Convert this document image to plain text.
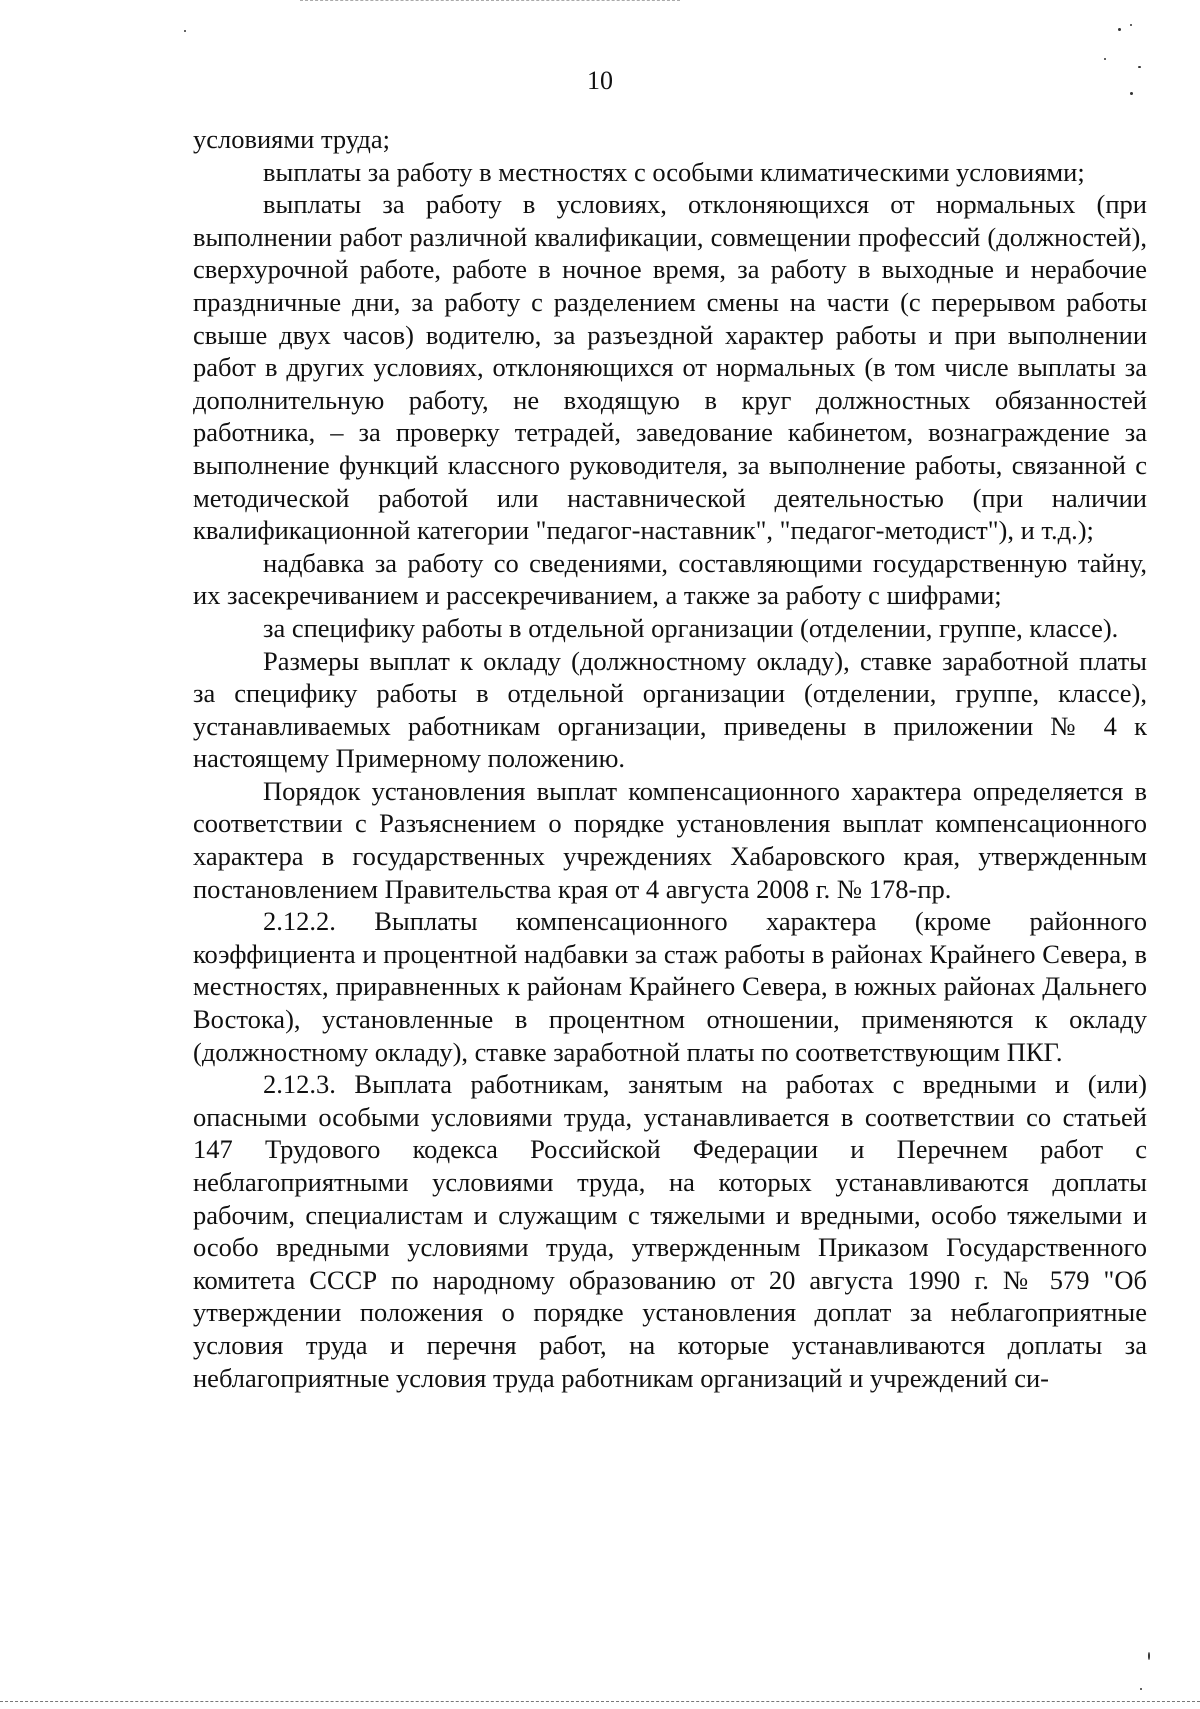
10

условиями труда;

выплаты за работу в местностях с особыми климатическими условиями;

выплаты за работу в условиях, отклоняющихся от нормальных (при выполнении работ различной квалификации, совмещении профессий (должностей), сверхурочной работе, работе в ночное время, за работу в выходные и нерабочие праздничные дни, за работу с разделением смены на части (с перерывом работы свыше двух часов) водителю, за разъездной характер работы и при выполнении работ в других условиях, отклоняющихся от нормальных (в том числе выплаты за дополнительную работу, не входящую в круг должностных обязанностей работника, – за проверку тетрадей, заведование кабинетом, вознаграждение за выполнение функций классного руководителя, за выполнение работы, связанной с методической работой или наставнической деятельностью (при наличии квалификационной категории "педагог-наставник", "педагог-методист"), и т.д.);

надбавка за работу со сведениями, составляющими государственную тайну, их засекречиванием и рассекречиванием, а также за работу с шифрами;

за специфику работы в отдельной организации (отделении, группе, классе).

Размеры выплат к окладу (должностному окладу), ставке заработной платы за специфику работы в отдельной организации (отделении, группе, классе), устанавливаемых работникам организации, приведены в приложении № 4 к настоящему Примерному положению.

Порядок установления выплат компенсационного характера определяется в соответствии с Разъяснением о порядке установления выплат компенсационного характера в государственных учреждениях Хабаровского края, утвержденным постановлением Правительства края от 4 августа 2008 г. № 178-пр.

2.12.2. Выплаты компенсационного характера (кроме районного коэффициента и процентной надбавки за стаж работы в районах Крайнего Севера, в местностях, приравненных к районам Крайнего Севера, в южных районах Дальнего Востока), установленные в процентном отношении, применяются к окладу (должностному окладу), ставке заработной платы по соответствующим ПКГ.

2.12.3. Выплата работникам, занятым на работах с вредными и (или) опасными особыми условиями труда, устанавливается в соответствии со статьей 147 Трудового кодекса Российской Федерации и Перечнем работ с неблагоприятными условиями труда, на которых устанавливаются доплаты рабочим, специалистам и служащим с тяжелыми и вредными, особо тяжелыми и особо вредными условиями труда, утвержденным Приказом Государственного комитета СССР по народному образованию от 20 августа 1990 г. № 579 "Об утверждении положения о порядке установления доплат за неблагоприятные условия труда и перечня работ, на которые устанавливаются доплаты за неблагоприятные условия труда работникам организаций и учреждений си-
